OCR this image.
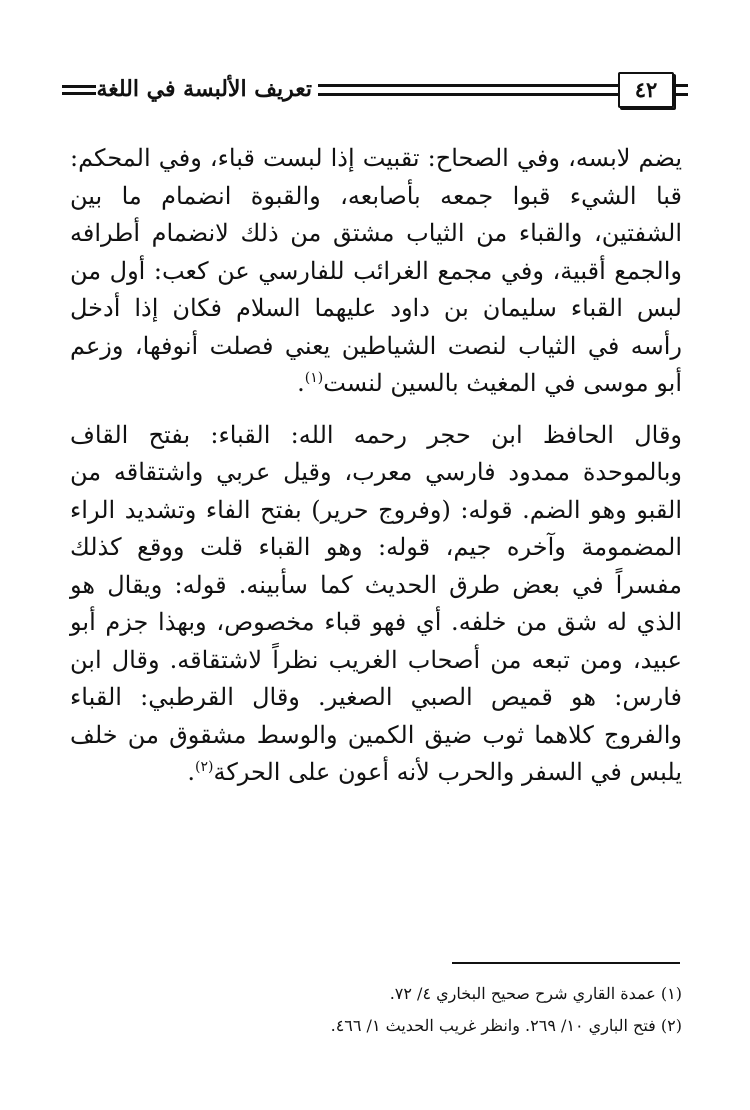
تعريف الألبسة في اللغة	٤٢

يضم لابسه، وفي الصحاح: تقبيت إذا لبست قباء، وفي المحكم: قبا الشيء قبوا جمعه بأصابعه، والقبوة انضمام ما بين الشفتين، والقباء من الثياب مشتق من ذلك لانضمام أطرافه والجمع أقبية، وفي مجمع الغرائب للفارسي عن كعب: أول من لبس القباء سليمان بن داود عليهما السلام فكان إذا أدخل رأسه في الثياب لنصت الشياطين يعني فصلت أنوفها، وزعم أبو موسى في المغيث بالسين لنست$^{(١)}$.

وقال الحافظ ابن حجر رحمه الله: القباء: بفتح القاف وبالموحدة ممدود فارسي معرب، وقيل عربي واشتقاقه من القبو وهو الضم. قوله: (وفروج حرير) بفتح الفاء وتشديد الراء المضمومة وآخره جيم، قوله: وهو القباء قلت ووقع كذلك مفسراً في بعض طرق الحديث كما سأبينه. قوله: ويقال هو الذي له شق من خلفه. أي فهو قباء مخصوص، وبهذا جزم أبو عبيد، ومن تبعه من أصحاب الغريب نظراً لاشتقاقه. وقال ابن فارس: هو قميص الصبي الصغير. وقال القرطبي: القباء والفروج كلاهما ثوب ضيق الكمين والوسط مشقوق من خلف يلبس في السفر والحرب لأنه أعون على الحركة$^{(٢)}$.

(١) عمدة القاري شرح صحيح البخاري ٤/ ٧٢.
(٢) فتح الباري ١٠/ ٢٦٩. وانظر غريب الحديث ١/ ٤٦٦.
